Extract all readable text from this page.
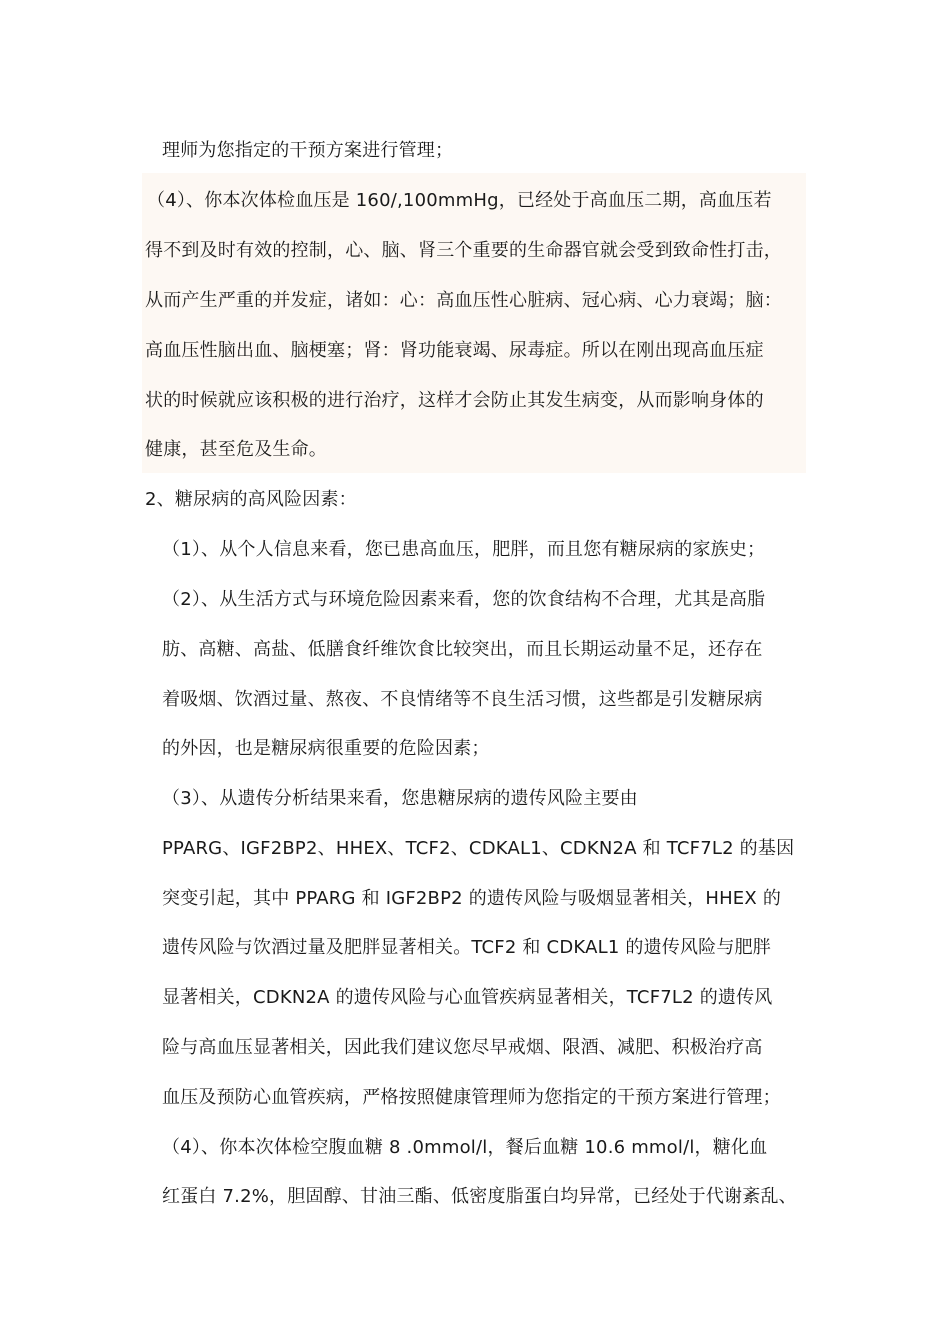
理师为您指定的干预方案进行管理；
（4）、你本次体检血压是 160/,100mmHg，已经处于高血压二期，高血压若
得不到及时有效的控制，心、脑、肾三个重要的生命器官就会受到致命性打击，
从而产生严重的并发症，诸如：心：高血压性心脏病、冠心病、心力衰竭；脑：
高血压性脑出血、脑梗塞；肾：肾功能衰竭、尿毒症。所以在刚出现高血压症
状的时候就应该积极的进行治疗，这样才会防止其发生病变，从而影响身体的
健康，甚至危及生命。
2、糖尿病的高风险因素：
（1）、从个人信息来看，您已患高血压，肥胖，而且您有糖尿病的家族史；
（2）、从生活方式与环境危险因素来看，您的饮食结构不合理，尤其是高脂
肪、高糖、高盐、低膳食纤维饮食比较突出，而且长期运动量不足，还存在
着吸烟、饮酒过量、熬夜、不良情绪等不良生活习惯，这些都是引发糖尿病
的外因，也是糖尿病很重要的危险因素；
（3）、从遗传分析结果来看，您患糖尿病的遗传风险主要由
PPARG、IGF2BP2、HHEX、TCF2、CDKAL1、CDKN2A 和 TCF7L2 的基因
突变引起，其中 PPARG 和 IGF2BP2 的遗传风险与吸烟显著相关，HHEX 的
遗传风险与饮酒过量及肥胖显著相关。TCF2 和 CDKAL1 的遗传风险与肥胖
显著相关，CDKN2A 的遗传风险与心血管疾病显著相关，TCF7L2 的遗传风
险与高血压显著相关，因此我们建议您尽早戒烟、限酒、减肥、积极治疗高
血压及预防心血管疾病，严格按照健康管理师为您指定的干预方案进行管理；
（4）、你本次体检空腹血糖 8 .0mmol/l，餐后血糖 10.6 mmol/l，糖化血
红蛋白 7.2%，胆固醇、甘油三酯、低密度脂蛋白均异常，已经处于代谢紊乱、
